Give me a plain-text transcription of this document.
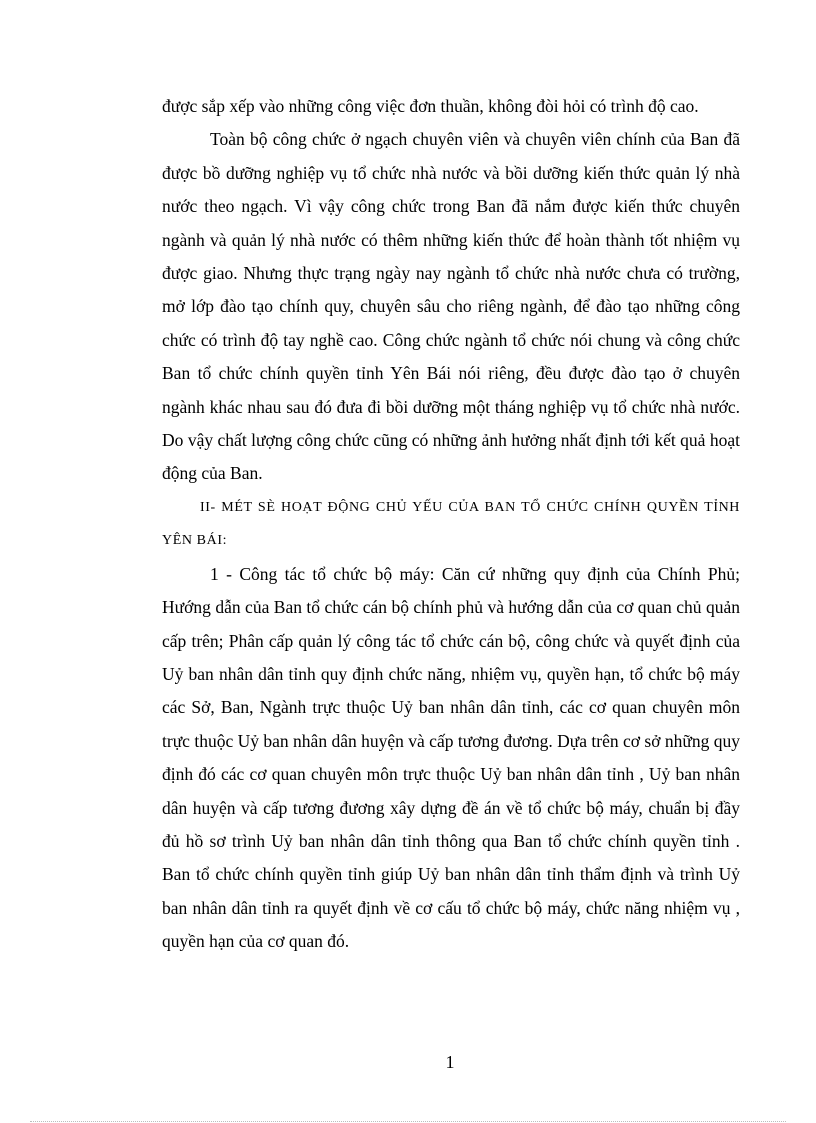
được sắp xếp vào những công việc đơn thuần, không đòi hỏi có trình độ cao.

Toàn bộ công chức ở ngạch chuyên viên và chuyên viên chính của Ban đã được bồ dưỡng nghiệp vụ tổ chức nhà nước và bồi dưỡng kiến thức quản lý nhà nước theo ngạch. Vì vậy công chức trong Ban đã nắm được kiến thức chuyên ngành và quản lý nhà nước có thêm những kiến thức để hoàn thành tốt nhiệm vụ được giao. Nhưng thực trạng ngày nay ngành tổ chức nhà nước chưa có trường, mở lớp đào tạo chính quy, chuyên sâu cho riêng ngành, để đào tạo những công chức có trình độ tay nghề cao. Công chức ngành tổ chức nói chung và công chức Ban tổ chức chính quyền tỉnh Yên Bái nói riêng, đều được đào tạo ở chuyên ngành khác nhau sau đó đưa đi bồi dưỡng một tháng nghiệp vụ tổ chức nhà nước. Do vậy chất lượng công chức cũng có những ảnh hưởng nhất định tới kết quả hoạt động của Ban.

II- MÉT SÈ HOẠT ĐỘNG CHỦ YẾU CỦA BAN TỔ CHỨC CHÍNH QUYỀN TỈNH YÊN BÁI:

1 - Công tác tổ chức bộ máy: Căn cứ những quy định của Chính Phủ; Hướng dẫn của Ban tổ chức cán bộ chính phủ và hướng dẫn của cơ quan chủ quản cấp trên; Phân cấp quản lý công tác tổ chức cán bộ, công chức và quyết định của Uỷ ban nhân dân tỉnh quy định chức năng, nhiệm vụ, quyền hạn, tổ chức bộ máy các Sở, Ban, Ngành trực thuộc Uỷ ban nhân dân tỉnh, các cơ quan chuyên môn trực thuộc Uỷ ban nhân dân huyện và cấp tương đương. Dựa trên cơ sở những quy định đó các cơ quan chuyên môn trực thuộc Uỷ ban nhân dân tỉnh , Uỷ ban nhân dân huyện và cấp tương đương xây dựng đề án về tổ chức bộ máy, chuẩn bị đầy đủ hồ sơ trình Uỷ ban nhân dân tỉnh thông qua Ban tổ chức chính quyền tỉnh . Ban tổ chức chính quyền tỉnh giúp Uỷ ban nhân dân tỉnh thẩm định và trình Uỷ ban nhân dân tỉnh ra quyết định về cơ cấu tổ chức bộ máy, chức năng nhiệm vụ , quyền hạn của cơ quan đó.

1
